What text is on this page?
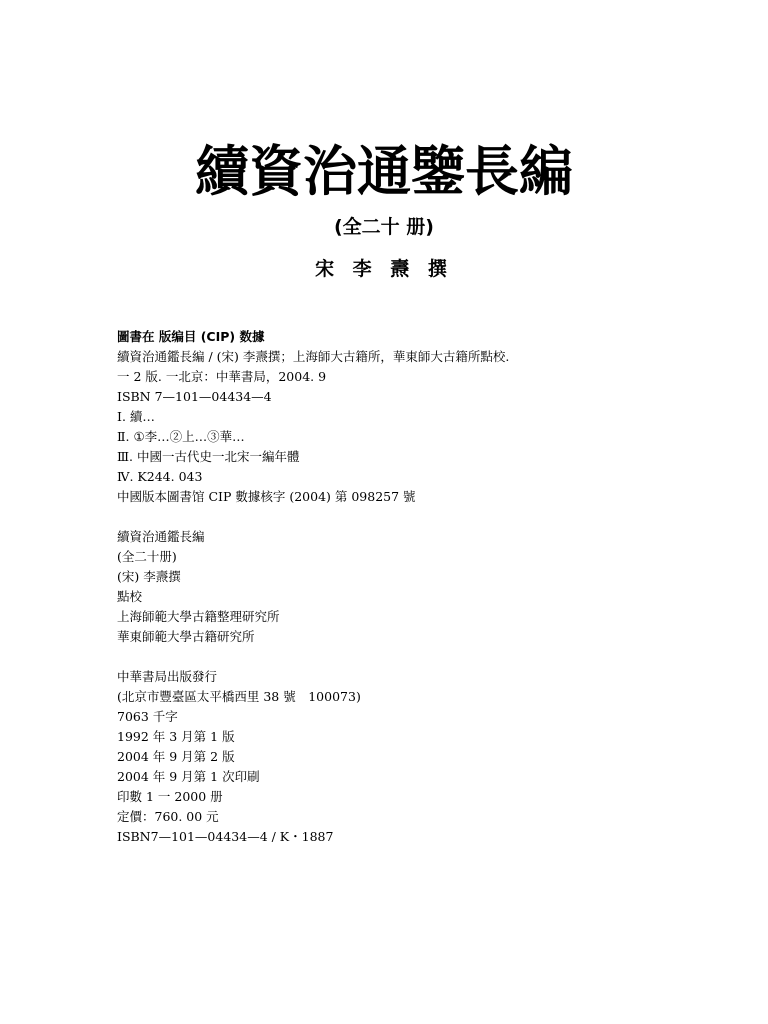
續資治通鑒長編
(全二十 册)
宋 李 燾 撰
圖書在 版编目 (CIP) 数據
續資治通鑑長編 / (宋) 李燾撰；上海師大古籍所，華東師大古籍所點校.
一 2 版. 一北京：中華書局，2004. 9
ISBN 7—101—04434—4
Ⅰ. 續…
Ⅱ. ①李…②上…③華…
Ⅲ. 中國一古代史一北宋一編年體
Ⅳ. K244. 043
中國版本圖書馆 CIP 數據核字 (2004) 第 098257 號
續資治通鑑長編
(全二十册)
(宋) 李燾撰
點校
上海師範大學古籍整理研究所
華東師範大學古籍研究所
中華書局出版發行
(北京市豐臺區太平橋西里 38 號　100073)
7063 千字
1992 年 3 月第 1 版
2004 年 9 月第 2 版
2004 年 9 月第 1 次印刷
印數 1 一 2000 册
定價：760. 00 元
ISBN7—101—04434—4 / K・1887
